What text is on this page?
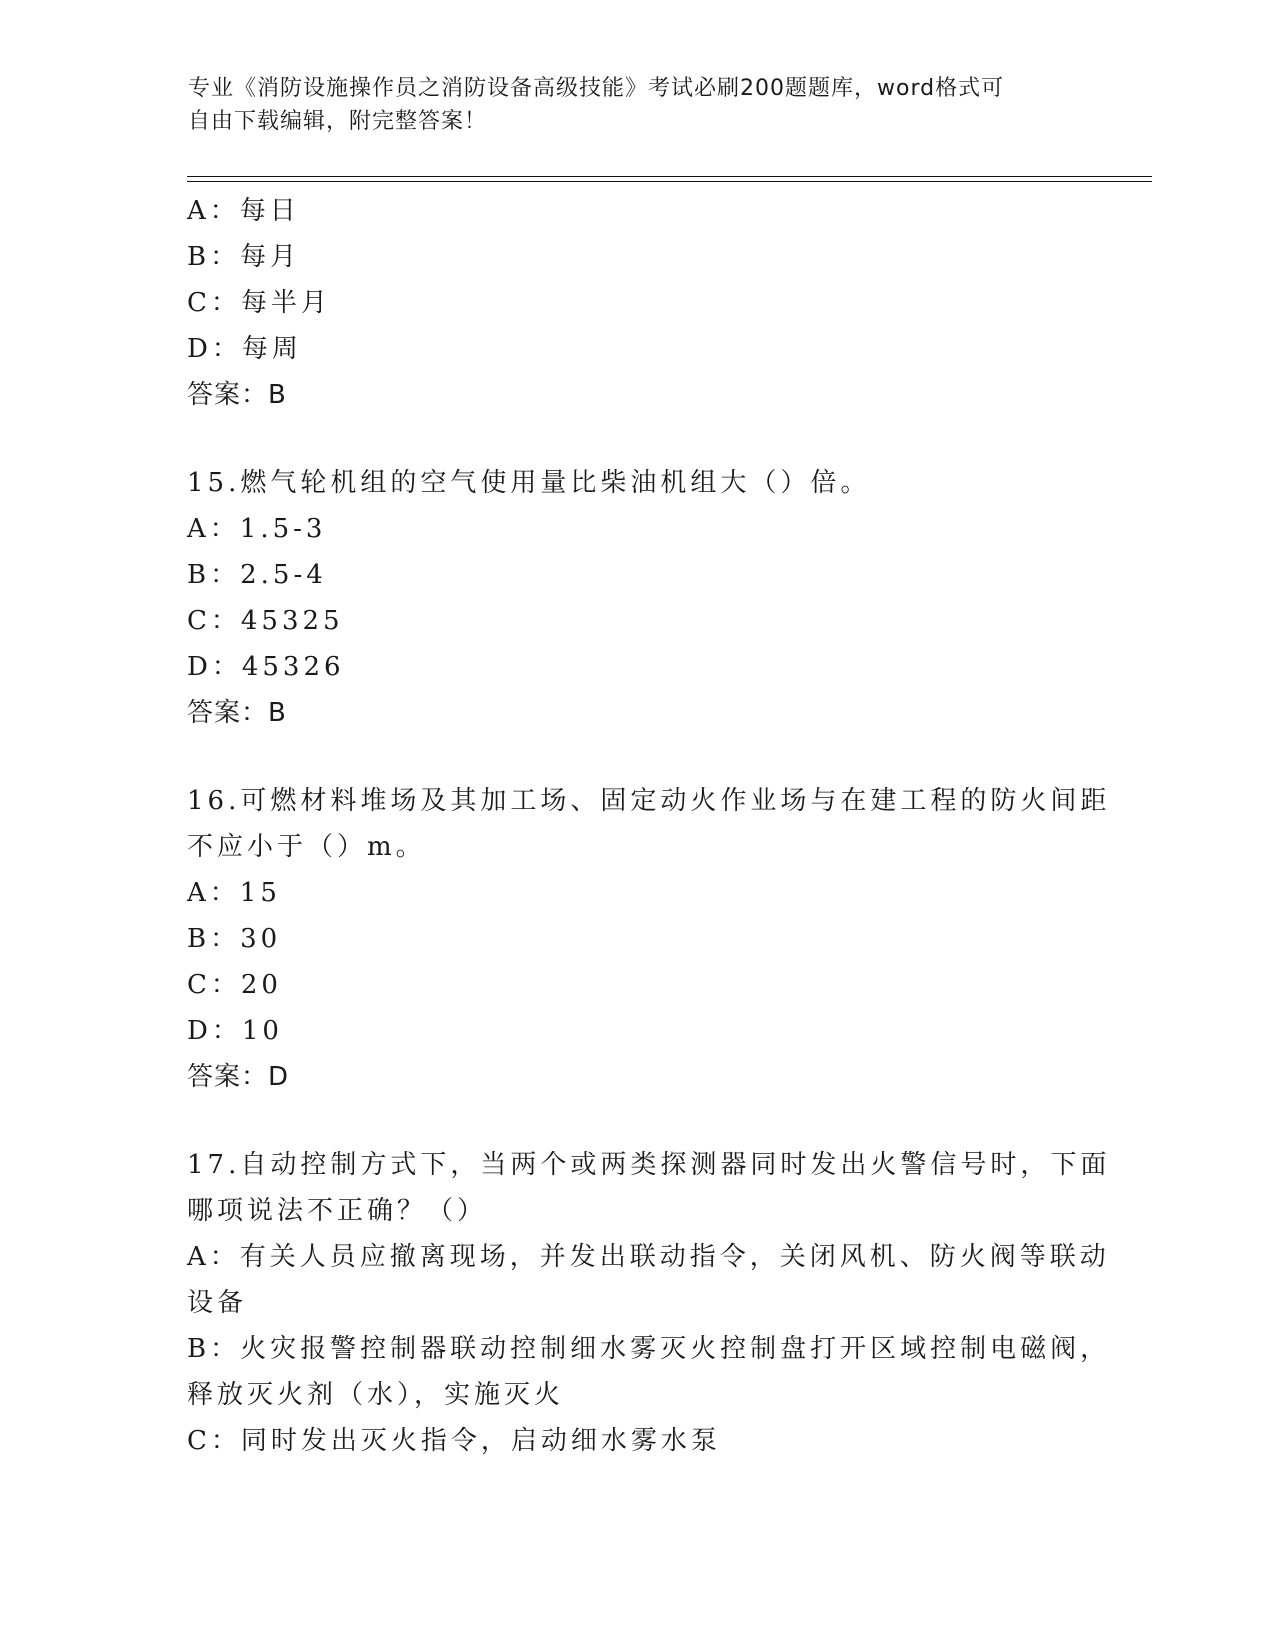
专业《消防设施操作员之消防设备高级技能》考试必刷200题题库，word格式可
自由下载编辑，附完整答案！
A：每日
B：每月
C：每半月
D：每周
答案：B
15.燃气轮机组的空气使用量比柴油机组大（）倍。
A：1.5-3
B：2.5-4
C：45325
D：45326
答案：B
16.可燃材料堆场及其加工场、固定动火作业场与在建工程的防火间距
不应小于（）m。
A：15
B：30
C：20
D：10
答案：D
17.自动控制方式下，当两个或两类探测器同时发出火警信号时，下面
哪项说法不正确？（）
A：有关人员应撤离现场，并发出联动指令，关闭风机、防火阀等联动
设备
B：火灾报警控制器联动控制细水雾灭火控制盘打开区域控制电磁阀，
释放灭火剂（水），实施灭火
C：同时发出灭火指令，启动细水雾水泵
